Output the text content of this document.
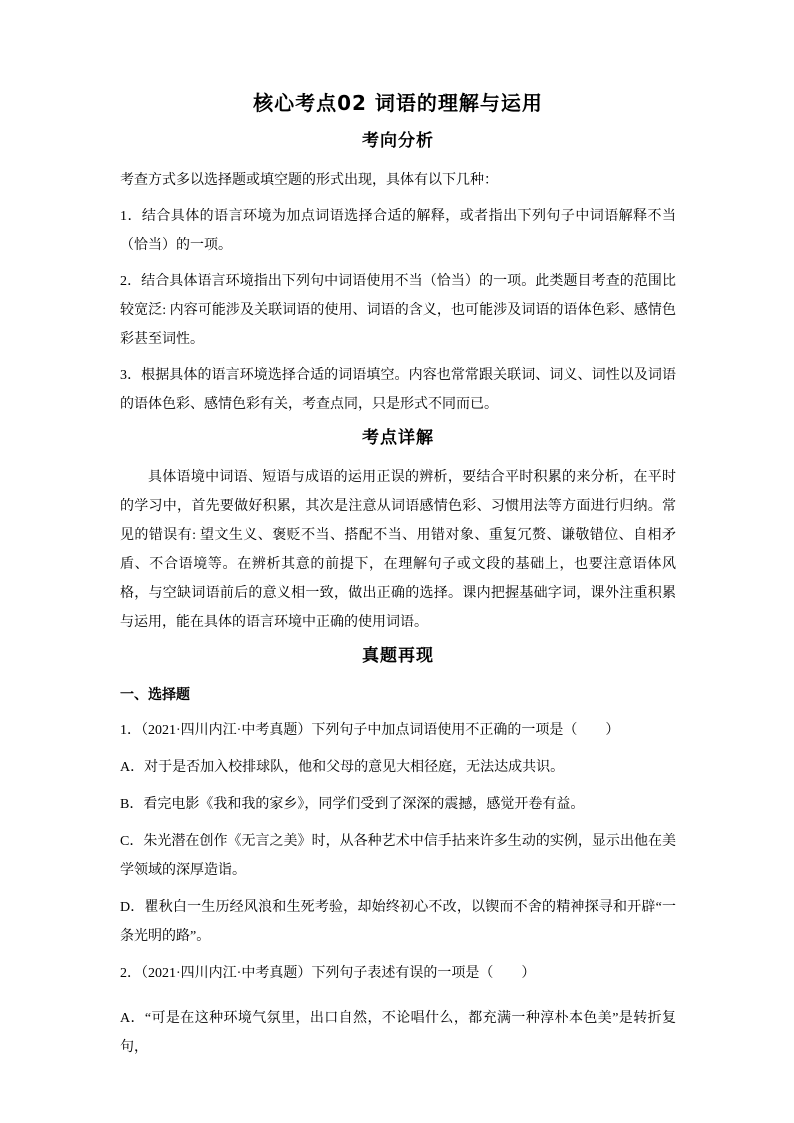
核心考点02 词语的理解与运用
考向分析

考查方式多以选择题或填空题的形式出现，具体有以下几种：

1．结合具体的语言环境为加点词语选择合适的解释，或者指出下列句子中词语解释不当（恰当）的一项。

2．结合具体语言环境指出下列句中词语使用不当（恰当）的一项。此类题目考查的范围比较宽泛: 内容可能涉及关联词语的使用、词语的含义，也可能涉及词语的语体色彩、感情色彩甚至词性。

3．根据具体的语言环境选择合适的词语填空。内容也常常跟关联词、词义、词性以及词语的语体色彩、感情色彩有关，考查点同，只是形式不同而已。

考点详解

具体语境中词语、短语与成语的运用正误的辨析，要结合平时积累的来分析，在平时的学习中，首先要做好积累，其次是注意从词语感情色彩、习惯用法等方面进行归纳。常见的错误有: 望文生义、褒贬不当、搭配不当、用错对象、重复冗赘、谦敬错位、自相矛盾、不合语境等。在辨析其意的前提下，在理解句子或文段的基础上，也要注意语体风格，与空缺词语前后的意义相一致，做出正确的选择。课内把握基础字词，课外注重积累与运用，能在具体的语言环境中正确的使用词语。

真题再现
一、选择题

1．（2021·四川内江·中考真题）下列句子中加点词语使用不正确的一项是（　　）

A．对于是否加入校排球队，他和父母的意见大相径庭，无法达成共识。

B．看完电影《我和我的家乡》，同学们受到了深深的震撼，感觉开卷有益。

C．朱光潜在创作《无言之美》时，从各种艺术中信手拈来许多生动的实例，显示出他在美学领域的深厚造诣。

D．瞿秋白一生历经风浪和生死考验，却始终初心不改，以锲而不舍的精神探寻和开辟“一条光明的路”。

2．（2021·四川内江·中考真题）下列句子表述有误的一项是（　　）

A．“可是在这种环境气氛里，出口自然，不论唱什么，都充满一种淳朴本色美”是转折复句，
